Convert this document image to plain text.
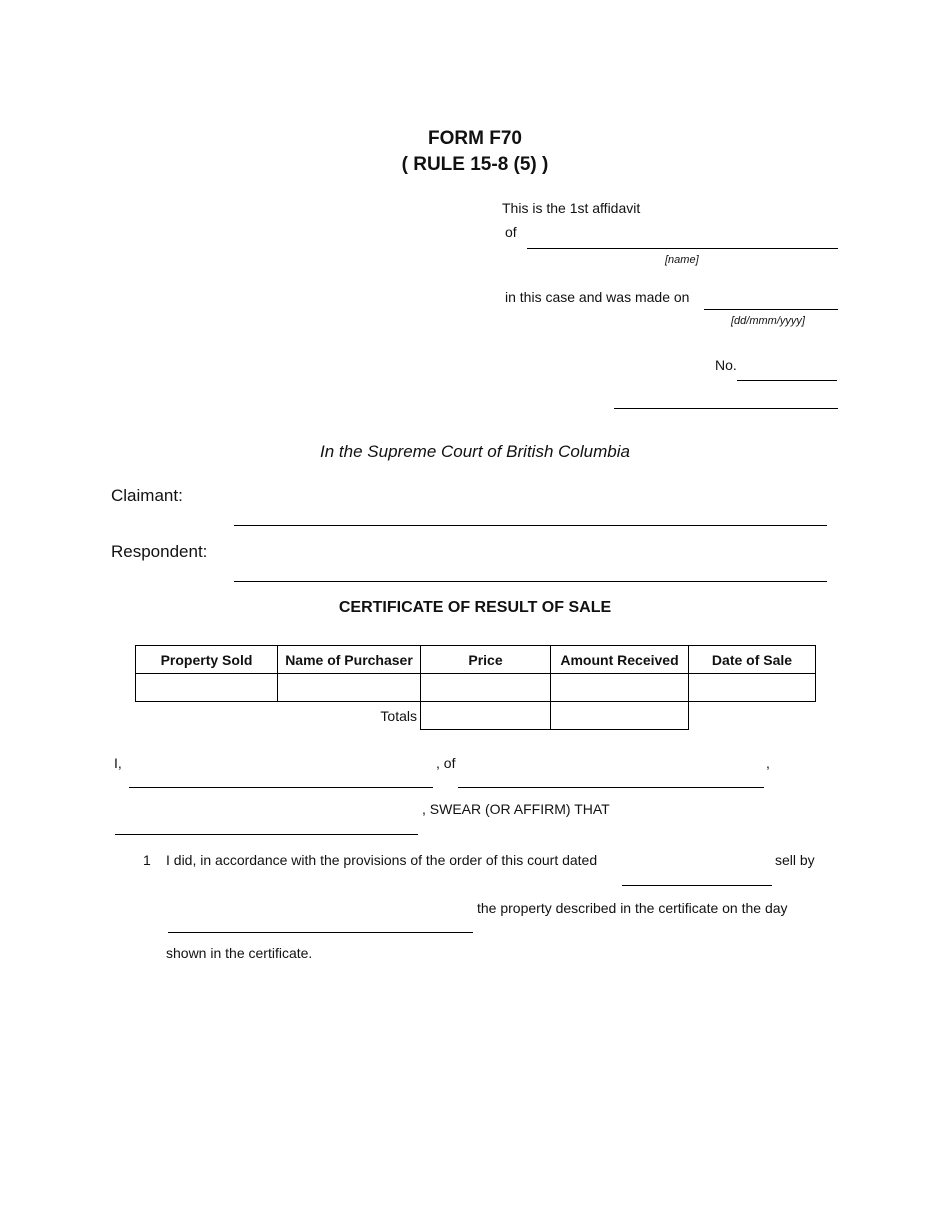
FORM F70
( RULE 15-8 (5) )
This is the 1st affidavit
of
[name]
in this case and was made on
[dd/mmm/yyyy]
No.
In the Supreme Court of British Columbia
Claimant:
Respondent:
CERTIFICATE OF RESULT OF SALE
Property Sold	Name of Purchaser	Price	Amount Received	Date of Sale

Totals				
I,	, of	,
, SWEAR (OR AFFIRM) THAT
1 I did, in accordance with the provisions of the order of this court dated	sell by
the property described in the certificate on the day
shown in the certificate.
